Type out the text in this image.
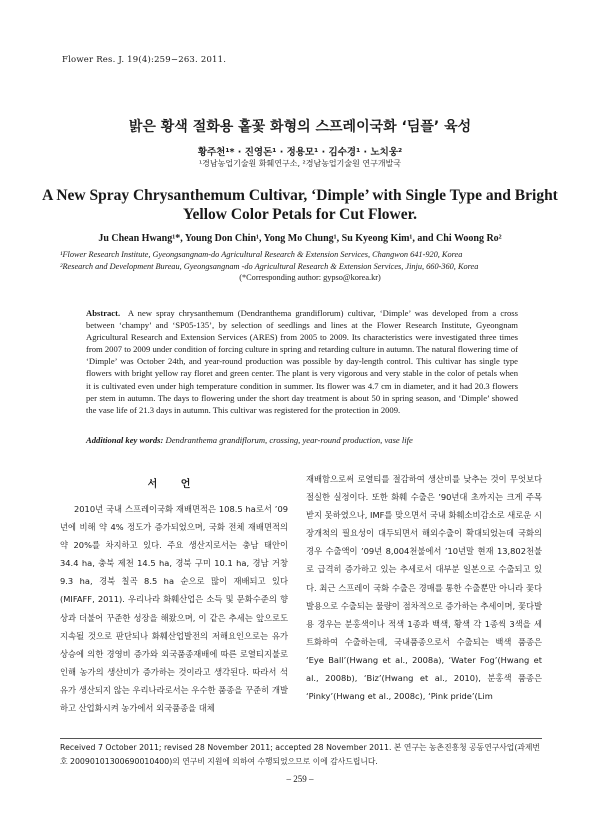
Flower Res. J. 19(4):259−263. 2011.
밝은 황색 절화용 홑꽃 화형의 스프레이국화 ‘딤플’ 육성
황주천¹* · 진영돈¹ · 정용모¹ · 김수경¹ · 노치웅²
¹경남농업기술원 화훼연구소, ²경남농업기술원 연구개발국
A New Spray Chrysanthemum Cultivar, ‘Dimple’ with Single Type and Bright Yellow Color Petals for Cut Flower.
Ju Chean Hwang¹*, Young Don Chin¹, Yong Mo Chung¹, Su Kyeong Kim¹, and Chi Woong Ro²
¹Flower Research Institute, Gyeongsangnam-do Agricultural Research & Extension Services, Changwon 641-920, Korea
²Research and Development Bureau, Gyeongsangnam -do Agricultural Research & Extension Services, Jinju, 660-360, Korea
(*Corresponding author: gypso@korea.kr)
Abstract. A new spray chrysanthemum (Dendranthema grandiflorum) cultivar, ‘Dimple’ was developed from a cross between ‘champy’ and ‘SP05-135’, by selection of seedlings and lines at the Flower Research Institute, Gyeongnam Agricultural Research and Extension Services (ARES) from 2005 to 2009. Its characteristics were investigated three times from 2007 to 2009 under condition of forcing culture in spring and retarding culture in autumn. The natural flowering time of ‘Dimple’ was October 24th, and year-round production was possible by day-length control. This cultivar has single type flowers with bright yellow ray floret and green center. The plant is very vigorous and very stable in the color of petals when it is cultivated even under high temperature condition in summer. Its flower was 4.7 cm in diameter, and it had 20.3 flowers per stem in autumn. The days to flowering under the short day treatment is about 50 in spring season, and ‘Dimple’ showed the vase life of 21.3 days in autumn. This cultivar was registered for the protection in 2009.
Additional key words: Dendranthema grandiflorum, crossing, year-round production, vase life
서 언

2010년 국내 스프레이국화 재배면적은 108.5 ha로서 ’09년에 비해 약 4% 정도가 증가되었으며, 국화 전체 재배면적의 약 20%를 차지하고 있다. 주요 생산지로서는 충남 태안이 34.4 ha, 충북 제천 14.5 ha, 경북 구미 10.1 ha, 경남 거창 9.3 ha, 경북 칠곡 8.5 ha 순으로 많이 재배되고 있다(MIFAFF, 2011). 우리나라 화훼산업은 소득 및 문화수준의 향상과 더불어 꾸준한 성장을 해왔으며, 이 같은 추세는 앞으로도 지속될 것으로 판단되나 화훼산업발전의 저해요인으로는 유가상승에 의한 경영비 증가와 외국품종재배에 따른 로열티지불로 인해 농가의 생산비가 증가하는 것이라고 생각된다. 따라서 석유가 생산되지 않는 우리나라로서는 우수한 품종을 꾸준히 개발하고 산업화시켜 농가에서 외국품종을 대체

재배함으로써 로열티를 절감하여 생산비를 낮추는 것이 무엇보다 절실한 실정이다. 또한 화훼 수출은 ’90년대 초까지는 크게 주목 받지 못하였으나, IMF를 맞으면서 국내 화훼소비감소로 새로운 시장개척의 필요성이 대두되면서 해외수출이 확대되었는데 국화의 경우 수출액이 ’09년 8,004천불에서 ’10년말 현재 13,802천불로 급격히 증가하고 있는 추세로서 대부분 일본으로 수출되고 있다. 최근 스프레이 국화 수출은 경매를 통한 수출뿐만 아니라 꽃다발용으로 수출되는 물량이 점차적으로 증가하는 추세이며, 꽃다발용 경우는 분홍색이나 적색 1종과 백색, 황색 각 1종씩 3색을 세트화하여 수출하는데, 국내품종으로서 수출되는 백색 품종은 ‘Eye Ball’(Hwang et al., 2008a), ‘Water Fog’(Hwang et al., 2008b), ‘Biz’(Hwang et al., 2010), 분홍색 품종은 ‘Pinky’(Hwang et al., 2008c), ‘Pink pride’(Lim

Received 7 October 2011; revised 28 November 2011; accepted 28 November 2011. 본 연구는 농촌진흥청 공동연구사업(과제번호 20090101300690010400)의 연구비 지원에 의하여 수행되었으므로 이에 감사드립니다.
– 259 –
